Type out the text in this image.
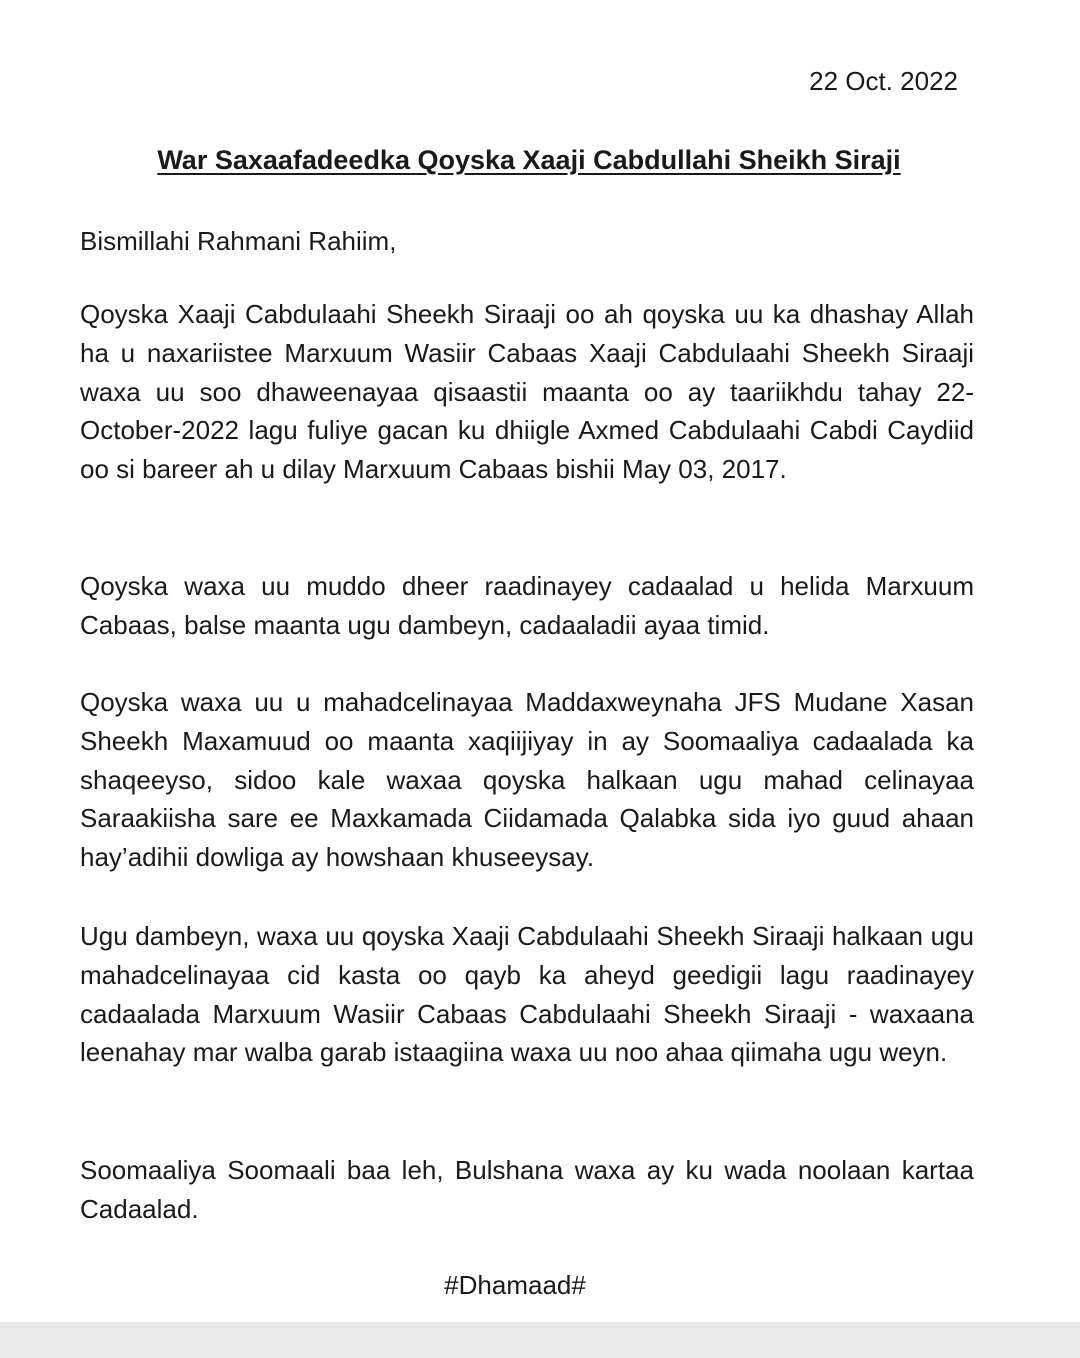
22 Oct. 2022

War Saxaafadeedka Qoyska Xaaji Cabdullahi Sheikh Siraji

Bismillahi Rahmani Rahiim,

Qoyska Xaaji Cabdulaahi Sheekh Siraaji oo ah qoyska uu ka dhashay Allah ha u naxariistee Marxuum Wasiir Cabaas Xaaji Cabdulaahi Sheekh Siraaji waxa uu soo dhaweenayaa qisaastii maanta oo ay taariikhdu tahay 22-October-2022 lagu fuliye gacan ku dhiigle Axmed Cabdulaahi Cabdi Caydiid oo si bareer ah u dilay Marxuum Cabaas bishii May 03, 2017.

Qoyska waxa uu muddo dheer raadinayey cadaalad u helida Marxuum Cabaas, balse maanta ugu dambeyn, cadaaladii ayaa timid.

Qoyska waxa uu u mahadcelinayaa Maddaxweynaha JFS Mudane Xasan Sheekh Maxamuud oo maanta xaqiijiyay in ay Soomaaliya cadaalada ka shaqeeyso, sidoo kale waxaa qoyska halkaan ugu mahad celinayaa Saraakiisha sare ee Maxkamada Ciidamada Qalabka sida iyo guud ahaan hay’adihii dowliga ay howshaan khuseeysay.

Ugu dambeyn, waxa uu qoyska Xaaji Cabdulaahi Sheekh Siraaji halkaan ugu mahadcelinayaa cid kasta oo qayb ka aheyd geedigii lagu raadinayey cadaalada Marxuum Wasiir Cabaas Cabdulaahi Sheekh Siraaji - waxaana leenahay mar walba garab istaagiina waxa uu noo ahaa qiimaha ugu weyn.

Soomaaliya Soomaali baa leh, Bulshana waxa ay ku wada noolaan kartaa Cadaalad.

#Dhamaad#
